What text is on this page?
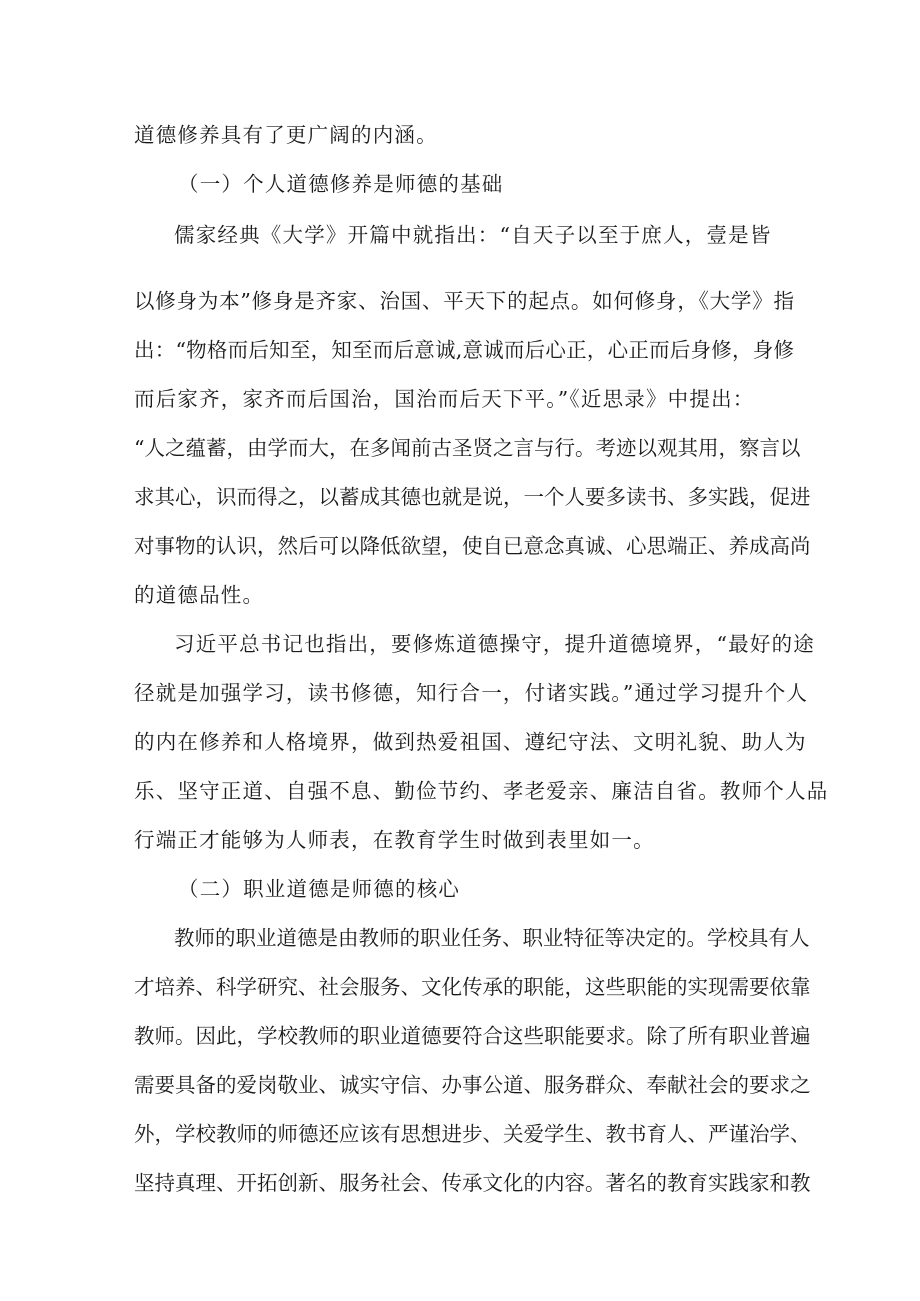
道德修养具有了更广阔的内涵。
（一）个人道德修养是师德的基础
儒家经典《大学》开篇中就指出：“自天子以至于庶人，壹是皆
以修身为本”修身是齐家、治国、平天下的起点。如何修身，《大学》指
出：“物格而后知至，知至而后意诚,意诚而后心正，心正而后身修，身修
而后家齐，家齐而后国治，国治而后天下平。”《近思录》中提出：
“人之蕴蓄，由学而大，在多闻前古圣贤之言与行。考迹以观其用，察言以
求其心，识而得之，以蓄成其德也就是说，一个人要多读书、多实践，促进
对事物的认识，然后可以降低欲望，使自已意念真诚、心思端正、养成高尚
的道德品性。
习近平总书记也指出，要修炼道德操守，提升道德境界，“最好的途
径就是加强学习，读书修德，知行合一，付诸实践。”通过学习提升个人
的内在修养和人格境界，做到热爱祖国、遵纪守法、文明礼貌、助人为
乐、坚守正道、自强不息、勤俭节约、孝老爱亲、廉洁自省。教师个人品
行端正才能够为人师表，在教育学生时做到表里如一。
（二）职业道德是师德的核心
教师的职业道德是由教师的职业任务、职业特征等决定的。学校具有人
才培养、科学研究、社会服务、文化传承的职能，这些职能的实现需要依靠
教师。因此，学校教师的职业道德要符合这些职能要求。除了所有职业普遍
需要具备的爱岗敬业、诚实守信、办事公道、服务群众、奉献社会的要求之
外，学校教师的师德还应该有思想进步、关爱学生、教书育人、严谨治学、
坚持真理、开拓创新、服务社会、传承文化的内容。著名的教育实践家和教
